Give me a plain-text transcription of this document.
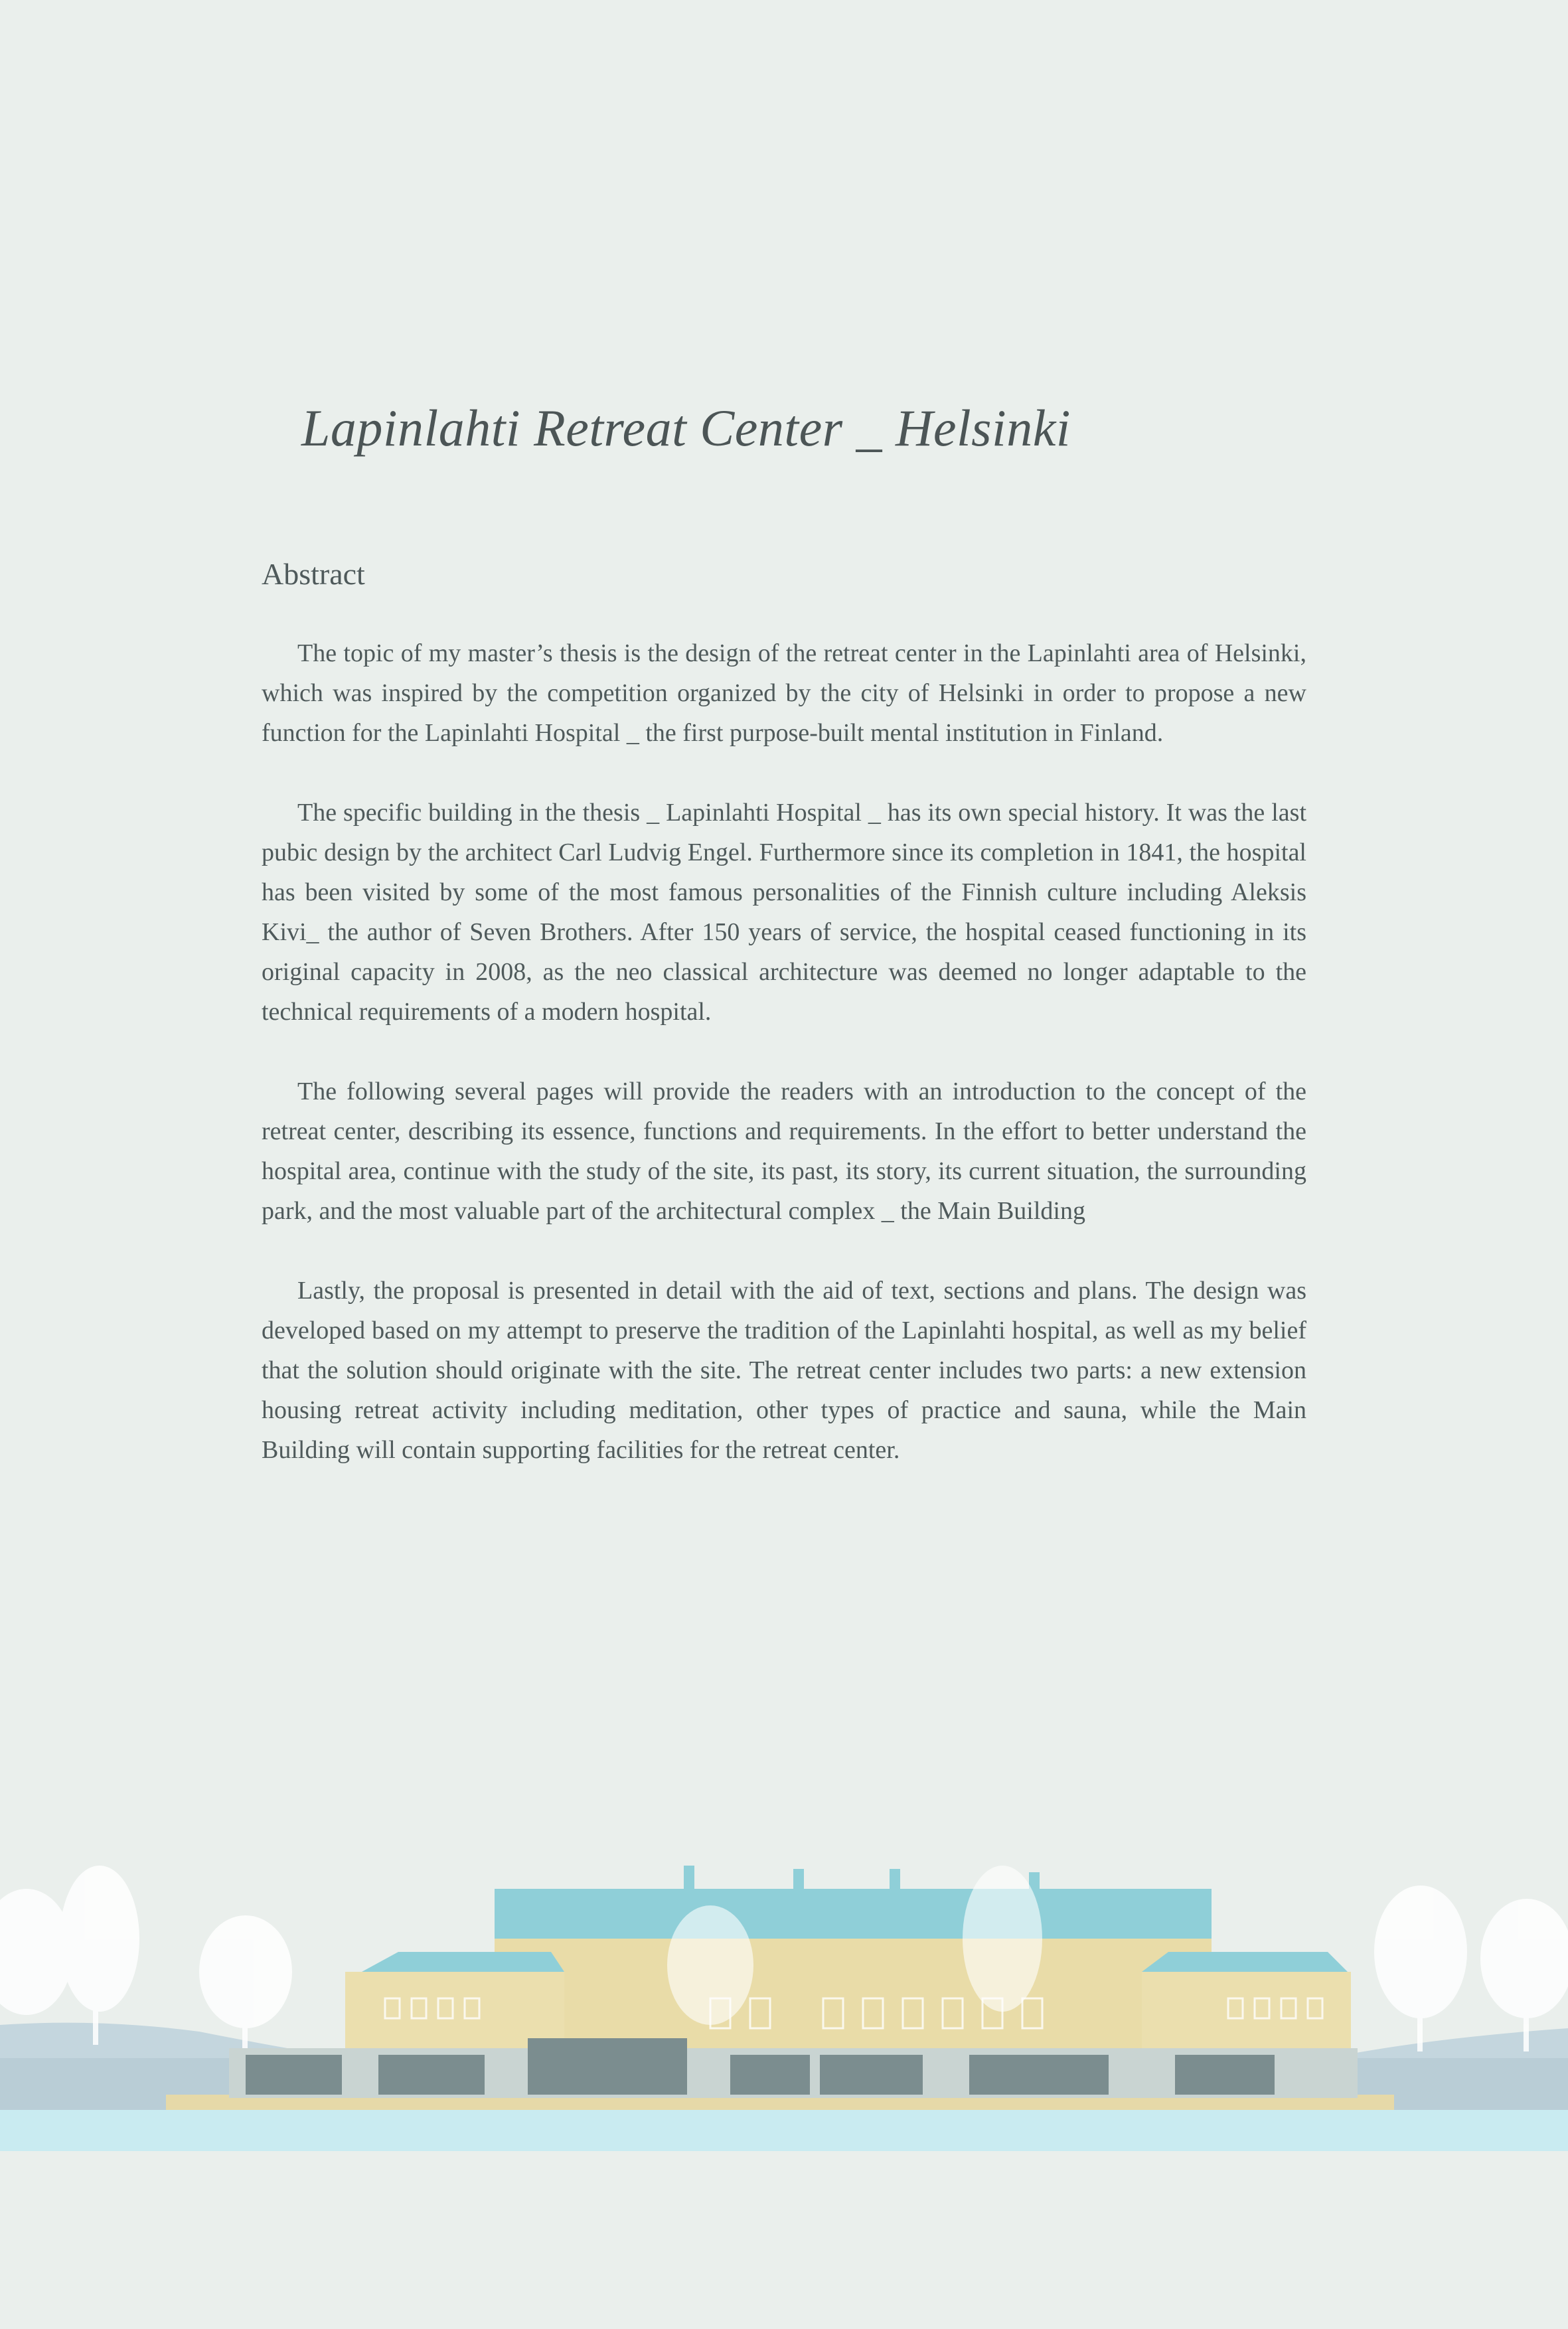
Lapinlahti Retreat Center _ Helsinki
Abstract

The topic of my master’s thesis is the design of the retreat center in the Lapinlahti area of Helsinki, which was inspired by the competition organized by the city of Helsinki in order to propose a new function for the Lapinlahti Hospital _ the first purpose-built mental institution in Finland.

The specific building in the thesis _ Lapinlahti Hospital _ has its own special history. It was the last pubic design by the architect Carl Ludvig Engel. Furthermore since its completion in 1841, the hospital has been visited by some of the most famous personalities of the Finnish culture including Aleksis Kivi_ the author of Seven Brothers. After 150 years of service, the hospital ceased functioning in its original capacity in 2008, as the neo classical architecture was deemed no longer adaptable to the technical requirements of a modern hospital.

The following several pages will provide the readers with an introduction to the concept of the retreat center, describing its essence, functions and requirements. In the effort to better understand the hospital area, continue with the study of the site, its past, its story, its current situation, the surrounding park, and the most valuable part of the architectural complex _ the Main Building

Lastly, the proposal is presented in detail with the aid of text, sections and plans. The design was developed based on my attempt to preserve the tradition of the Lapinlahti hospital, as well as my belief that the solution should originate with the site. The retreat center includes two parts: a new extension housing retreat activity including meditation, other types of practice and sauna, while the Main Building will contain supporting facilities for the retreat center.
